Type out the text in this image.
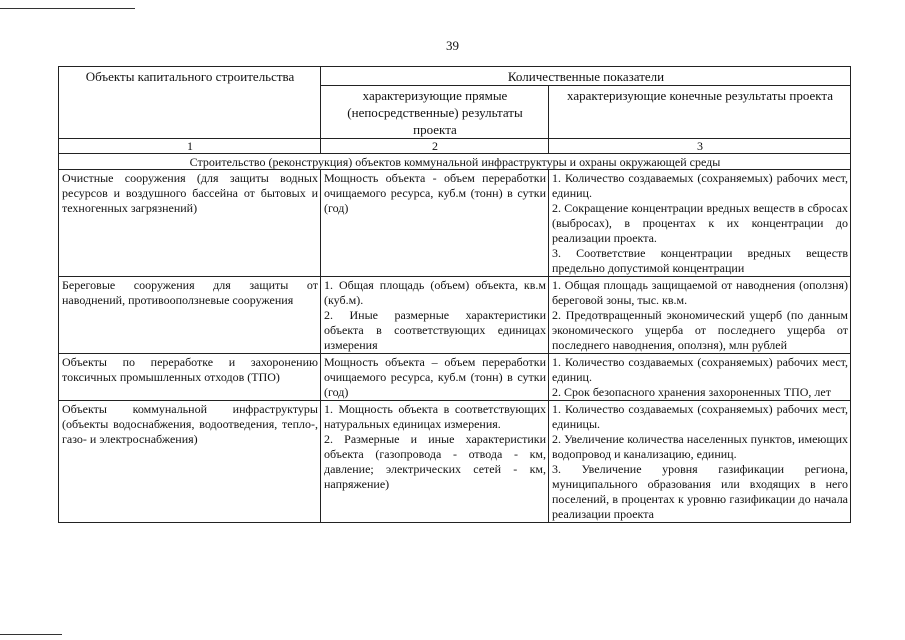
39
Объекты капитального строительства	Количественные показатели	
	характеризующие прямые (непосредственные) результаты проекта	характеризующие конечные результаты проекта
1	2	3
Строительство (реконструкция) объектов коммунальной инфраструктуры и охраны окружающей среды		
Очистные сооружения (для защиты водных ресурсов и воздушного бассейна от бытовых и техногенных загрязнений)	Мощность объекта - объем переработки очищаемого ресурса, куб.м (тонн) в сутки (год)	1. Количество создаваемых (сохраняемых) рабочих мест, единиц.
2. Сокращение концентрации вредных веществ в сбросах (выбросах), в процентах к их концентрации до реализации проекта.
3. Соответствие концентрации вредных веществ предельно допустимой концентрации

Береговые сооружения для защиты от наводнений, противооползневые сооружения	1. Общая площадь (объем) объекта, кв.м (куб.м).
2. Иные размерные характеристики объекта в соответствующих единицах измерения	1. Общая площадь защищаемой от наводнения (оползня) береговой зоны, тыс. кв.м.
2. Предотвращенный экономический ущерб (по данным экономического ущерба от последнего ущерба от последнего наводнения, оползня), млн рублей

Объекты по переработке и захоронению токсичных промышленных отходов (ТПО)	Мощность объекта – объем переработки очищаемого ресурса, куб.м (тонн) в сутки (год)	1. Количество создаваемых (сохраняемых) рабочих мест, единиц.
2. Срок безопасного хранения захороненных ТПО, лет

Объекты коммунальной инфраструктуры (объекты водоснабжения, водоотведения, тепло-, газо- и электроснабжения)	1. Мощность объекта в соответствующих натуральных единицах измерения.
2. Размерные и иные характеристики объекта (газопровода - отвода - км, давление; электрических сетей - км, напряжение)	1. Количество создаваемых (сохраняемых) рабочих мест, единицы.
2. Увеличение количества населенных пунктов, имеющих водопровод и канализацию, единиц.
3. Увеличение уровня газификации региона, муниципального образования или входящих в него поселений, в процентах к уровню газификации до начала реализации проекта
